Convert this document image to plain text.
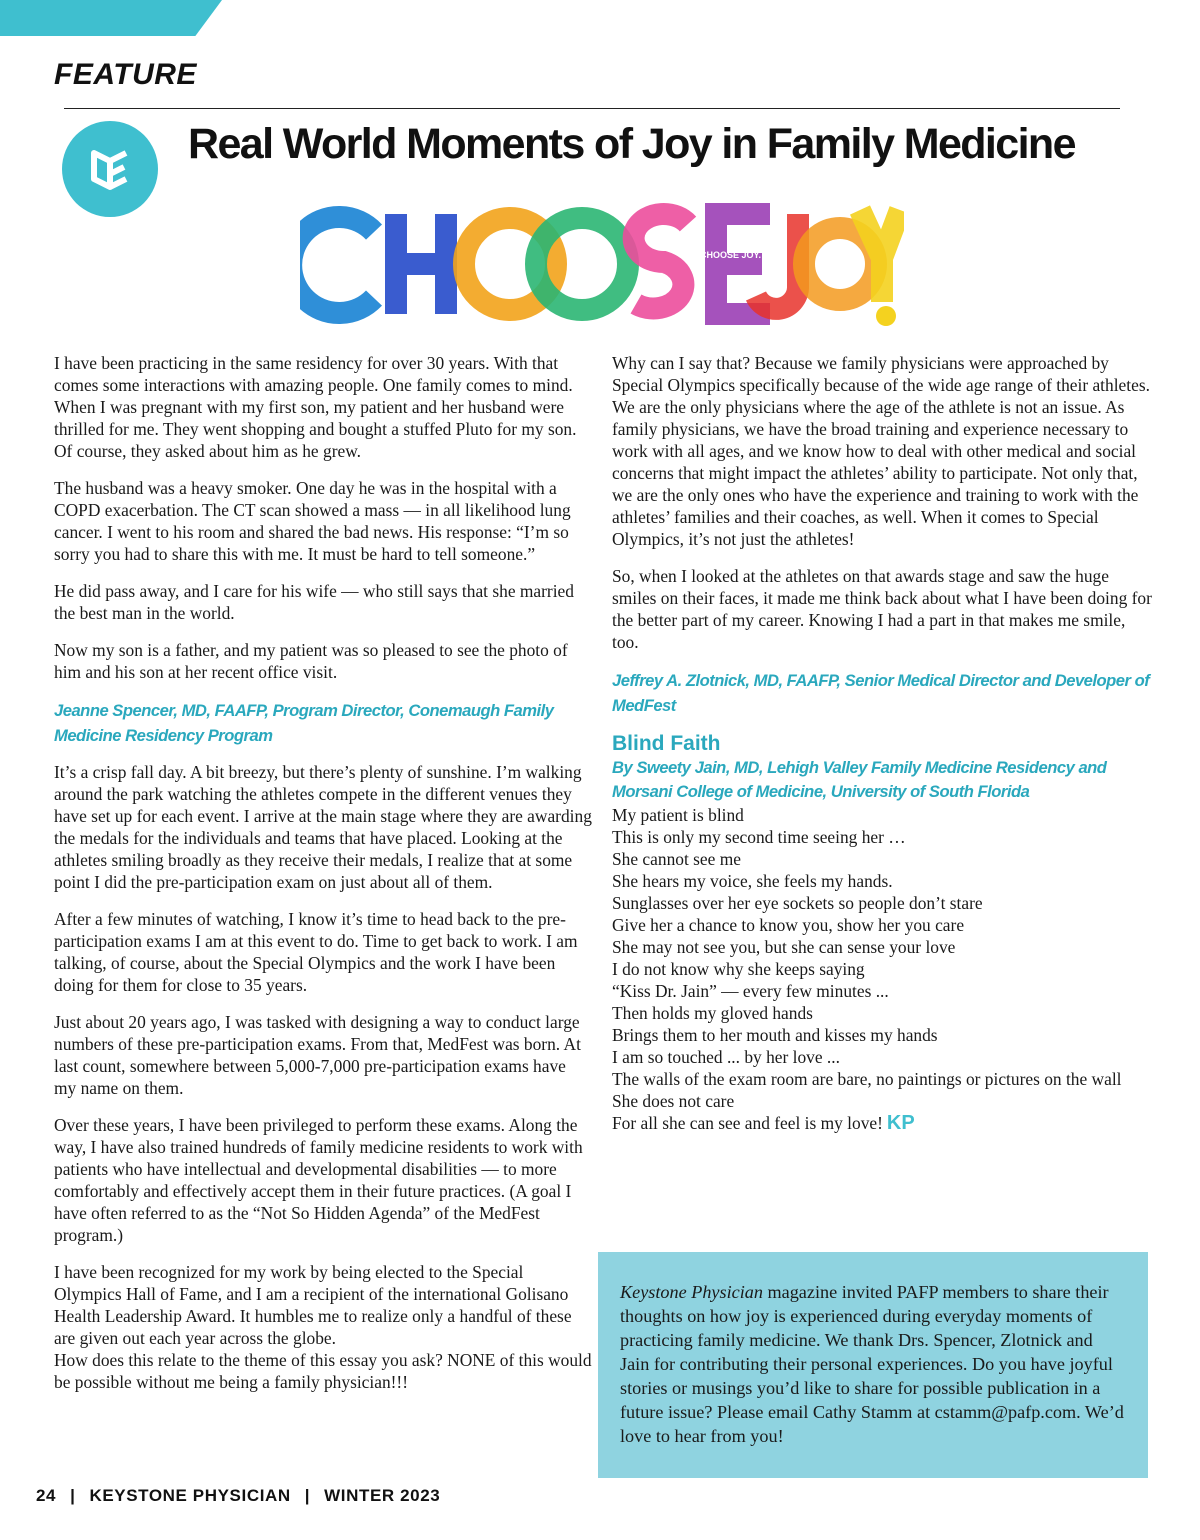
FEATURE
Real World Moments of Joy in Family Medicine
CHOOSE JOY.

I have been practicing in the same residency for over 30 years. With that comes some interactions with amazing people. One family comes to mind. When I was pregnant with my first son, my patient and her husband were thrilled for me. They went shopping and bought a stuffed Pluto for my son. Of course, they asked about him as he grew.

The husband was a heavy smoker. One day he was in the hospital with a COPD exacerbation. The CT scan showed a mass — in all likelihood lung cancer. I went to his room and shared the bad news. His response: “I’m so sorry you had to share this with me. It must be hard to tell someone.”

He did pass away, and I care for his wife — who still says that she married the best man in the world.

Now my son is a father, and my patient was so pleased to see the photo of him and his son at her recent office visit.

Jeanne Spencer, MD, FAAFP, Program Director, Conemaugh Family Medicine Residency Program

It’s a crisp fall day. A bit breezy, but there’s plenty of sunshine. I’m walking around the park watching the athletes compete in the different venues they have set up for each event. I arrive at the main stage where they are awarding the medals for the individuals and teams that have placed. Looking at the athletes smiling broadly as they receive their medals, I realize that at some point I did the pre-participation exam on just about all of them.

After a few minutes of watching, I know it’s time to head back to the pre-participation exams I am at this event to do. Time to get back to work. I am talking, of course, about the Special Olympics and the work I have been doing for them for close to 35 years.

Just about 20 years ago, I was tasked with designing a way to conduct large numbers of these pre-participation exams. From that, MedFest was born. At last count, somewhere between 5,000-7,000 pre-participation exams have my name on them.

Over these years, I have been privileged to perform these exams. Along the way, I have also trained hundreds of family medicine residents to work with patients who have intellectual and developmental disabilities — to more comfortably and effectively accept them in their future practices. (A goal I have often referred to as the “Not So Hidden Agenda” of the MedFest program.)

I have been recognized for my work by being elected to the Special Olympics Hall of Fame, and I am a recipient of the international Golisano Health Leadership Award. It humbles me to realize only a handful of these are given out each year across the globe.

How does this relate to the theme of this essay you ask? NONE of this would be possible without me being a family physician!!!

Why can I say that? Because we family physicians were approached by Special Olympics specifically because of the wide age range of their athletes. We are the only physicians where the age of the athlete is not an issue. As family physicians, we have the broad training and experience necessary to work with all ages, and we know how to deal with other medical and social concerns that might impact the athletes’ ability to participate. Not only that, we are the only ones who have the experience and training to work with the athletes’ families and their coaches, as well. When it comes to Special Olympics, it’s not just the athletes!

So, when I looked at the athletes on that awards stage and saw the huge smiles on their faces, it made me think back about what I have been doing for the better part of my career. Knowing I had a part in that makes me smile, too.

Jeffrey A. Zlotnick, MD, FAAFP, Senior Medical Director and Developer of MedFest

Blind Faith
By Sweety Jain, MD, Lehigh Valley Family Medicine Residency and Morsani College of Medicine, University of South Florida
My patient is blind
This is only my second time seeing her …
She cannot see me
She hears my voice, she feels my hands.
Sunglasses over her eye sockets so people don’t stare
Give her a chance to know you, show her you care
She may not see you, but she can sense your love
I do not know why she keeps saying
“Kiss Dr. Jain” — every few minutes ...
Then holds my gloved hands
Brings them to her mouth and kisses my hands
I am so touched ... by her love ...
The walls of the exam room are bare, no paintings or pictures on the wall
She does not care
For all she can see and feel is my love! KP
Keystone Physician magazine invited PAFP members to share their thoughts on how joy is experienced during everyday moments of practicing family medicine. We thank Drs. Spencer, Zlotnick and Jain for contributing their personal experiences. Do you have joyful stories or musings you’d like to share for possible publication in a future issue? Please email Cathy Stamm at cstamm@pafp.com. We’d love to hear from you!
24 | KEYSTONE PHYSICIAN | WINTER 2023
